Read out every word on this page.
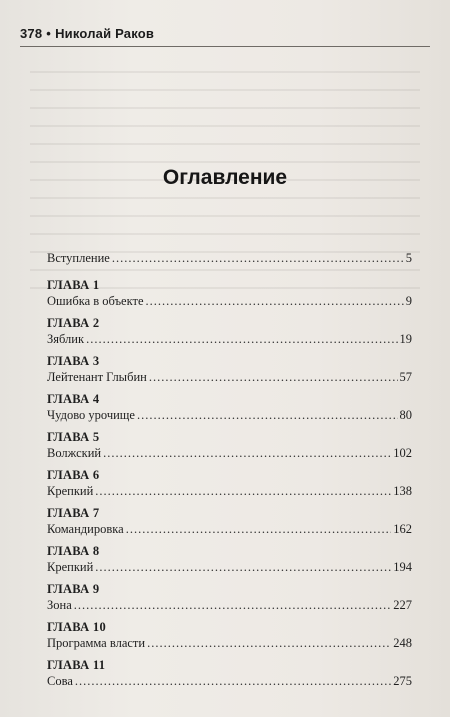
378 • Николай Раков
Оглавление
Вступление .....	5
ГЛАВА 1
Ошибка в объекте .....	9
ГЛАВА 2
Зяблик .....	19
ГЛАВА 3
Лейтенант Глыбин .....	57
ГЛАВА 4
Чудово урочище .....	80
ГЛАВА 5
Волжский .....	102
ГЛАВА 6
Крепкий .....	138
ГЛАВА 7
Командировка .....	162
ГЛАВА 8
Крепкий .....	194
ГЛАВА 9
Зона .....	227
ГЛАВА 10
Программа власти .....	248
ГЛАВА 11
Сова .....	275
